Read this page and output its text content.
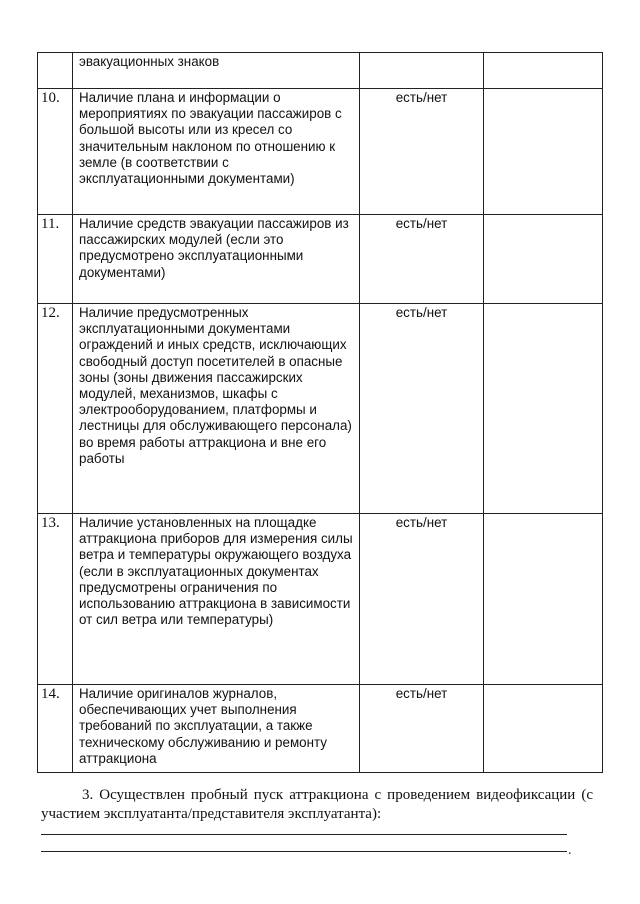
	эвакуационных знаков		

10.	Наличие плана и информации о мероприятиях по эвакуации пассажиров с большой высоты или из кресел со значительным наклоном по отношению к земле (в соответствии с эксплуатационными документами)	есть/нет	

11.	Наличие средств эвакуации пассажиров из пассажирских модулей (если это предусмотрено эксплуатационными документами)	есть/нет	

12.	Наличие предусмотренных эксплуатационными документами ограждений и иных средств, исключающих свободный доступ посетителей в опасные зоны (зоны движения пассажирских модулей, механизмов, шкафы с электрооборудованием, платформы и лестницы для обслуживающего персонала) во время работы аттракциона и вне его работы	есть/нет	

13.	Наличие установленных на площадке аттракциона приборов для измерения силы ветра и температуры окружающего воздуха (если в эксплуатационных документах предусмотрены ограничения по использованию аттракциона в зависимости от сил ветра или температуры)	есть/нет	

14.	Наличие оригиналов журналов, обеспечивающих учет выполнения требований по эксплуатации, а также техническому обслуживанию и ремонту аттракциона	есть/нет	

3. Осуществлен пробный пуск аттракциона с проведением видеофиксации (с участием эксплуатанта/представителя эксплуатанта):
.
